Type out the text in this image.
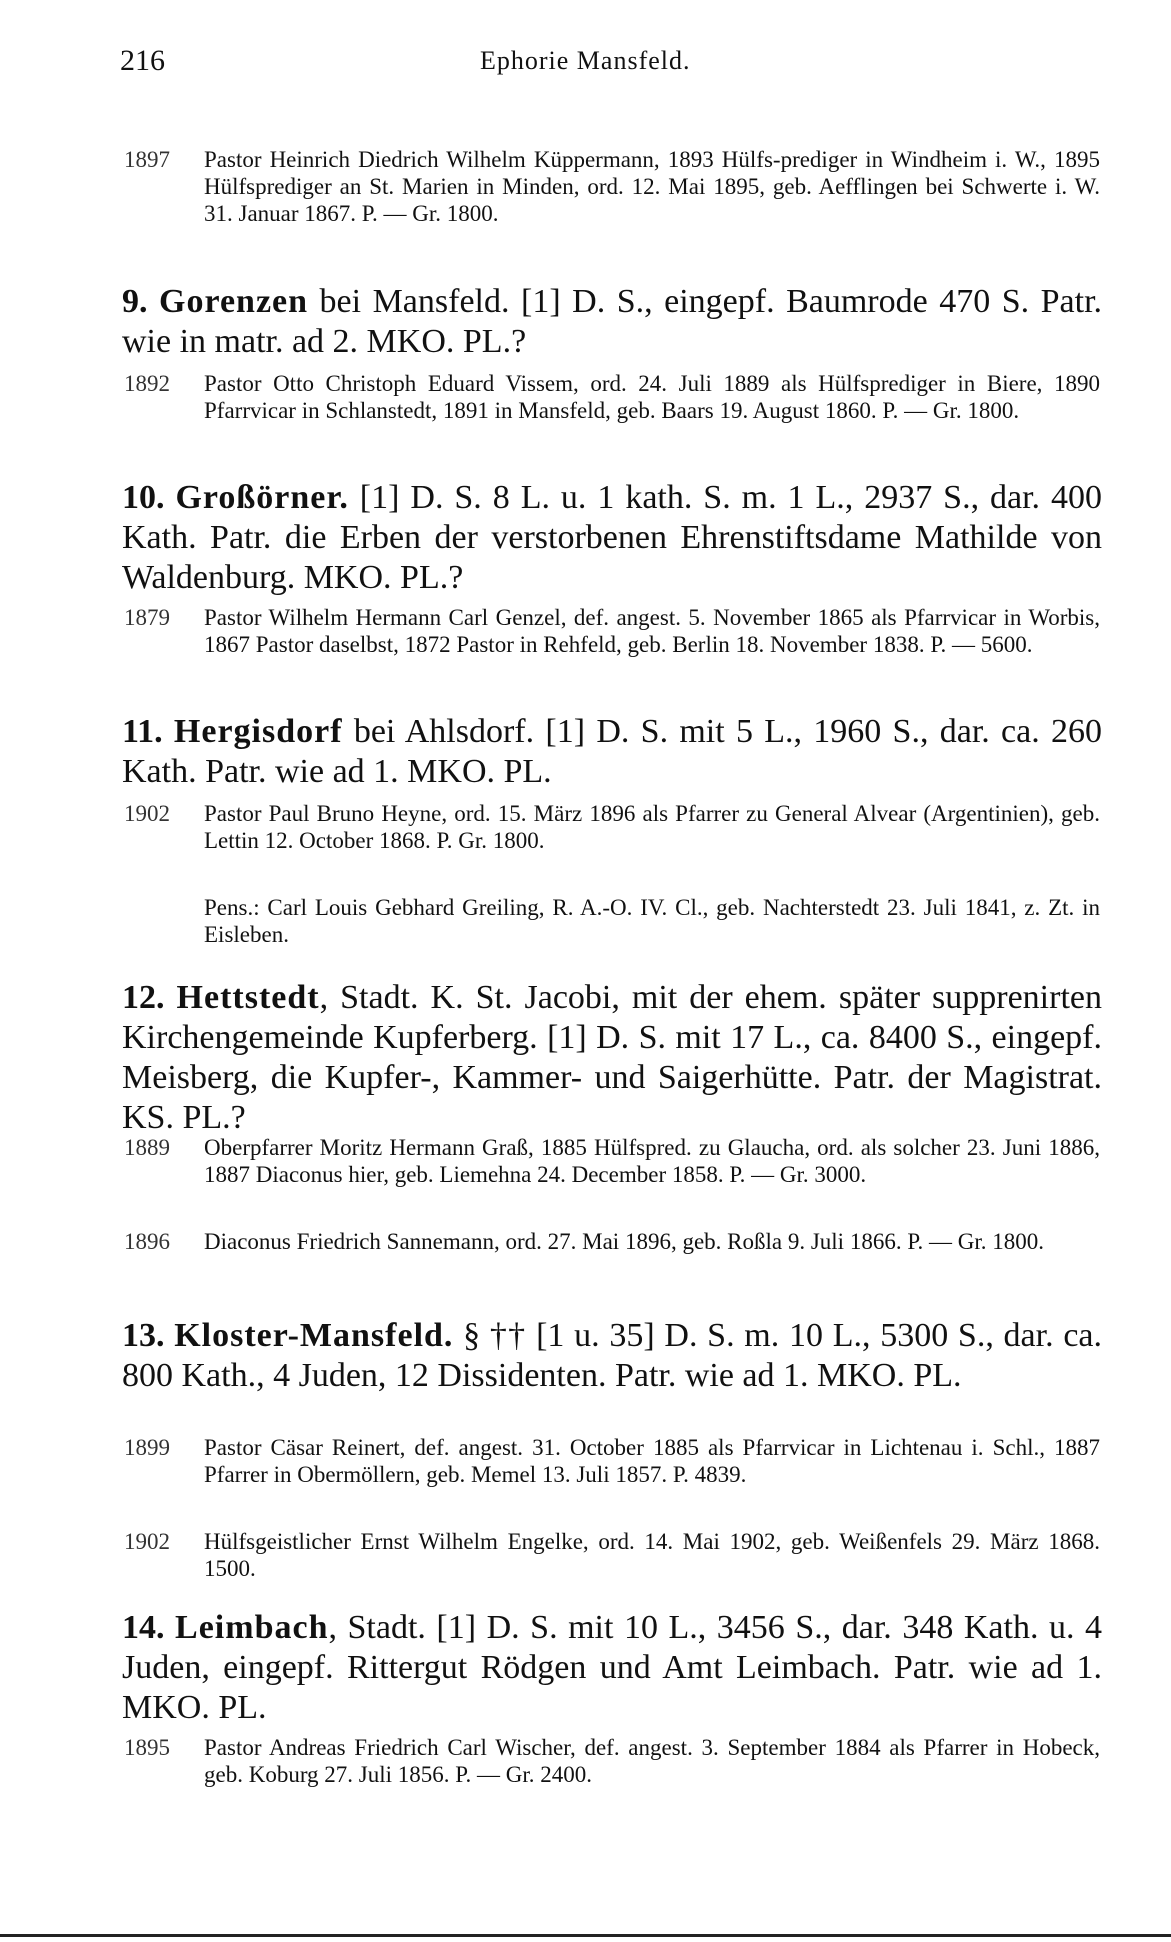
216	Ephorie Mansfeld.
1897	Pastor Heinrich Diedrich Wilhelm Küppermann, 1893 Hülfs-prediger in Windheim i. W., 1895 Hülfsprediger an St. Marien in Minden, ord. 12. Mai 1895, geb. Aefflingen bei Schwerte i. W. 31. Januar 1867. P. — Gr. 1800.
9. Gorenzen bei Mansfeld. [1] D. S., eingepf. Baumrode 470 S. Patr. wie in matr. ad 2. MKO. PL.?
1892	Pastor Otto Christoph Eduard Vissem, ord. 24. Juli 1889 als Hülfsprediger in Biere, 1890 Pfarrvicar in Schlanstedt, 1891 in Mansfeld, geb. Baars 19. August 1860. P. — Gr. 1800.
10. Großörner. [1] D. S. 8 L. u. 1 kath. S. m. 1 L., 2937 S., dar. 400 Kath. Patr. die Erben der verstorbenen Ehrenstiftsdame Mathilde von Waldenburg. MKO. PL.?
1879	Pastor Wilhelm Hermann Carl Genzel, def. angest. 5. November 1865 als Pfarrvicar in Worbis, 1867 Pastor daselbst, 1872 Pastor in Rehfeld, geb. Berlin 18. November 1838. P. — 5600.
11. Hergisdorf bei Ahlsdorf. [1] D. S. mit 5 L., 1960 S., dar. ca. 260 Kath. Patr. wie ad 1. MKO. PL.
1902	Pastor Paul Bruno Heyne, ord. 15. März 1896 als Pfarrer zu General Alvear (Argentinien), geb. Lettin 12. October 1868. P. Gr. 1800.
Pens.: Carl Louis Gebhard Greiling, R. A.-O. IV. Cl., geb. Nachterstedt 23. Juli 1841, z. Zt. in Eisleben.
12. Hettstedt, Stadt. K. St. Jacobi, mit der ehem. später supprenirten Kirchengemeinde Kupferberg. [1] D. S. mit 17 L., ca. 8400 S., eingepf. Meisberg, die Kupfer-, Kammer- und Saigerhütte. Patr. der Magistrat. KS. PL.?
1889	Oberpfarrer Moritz Hermann Graß, 1885 Hülfspred. zu Glaucha, ord. als solcher 23. Juni 1886, 1887 Diaconus hier, geb. Liemehna 24. December 1858. P. — Gr. 3000.
1896	Diaconus Friedrich Sannemann, ord. 27. Mai 1896, geb. Roßla 9. Juli 1866. P. — Gr. 1800.
13. Kloster-Mansfeld. § †† [1 u. 35] D. S. m. 10 L., 5300 S., dar. ca. 800 Kath., 4 Juden, 12 Dissidenten. Patr. wie ad 1. MKO. PL.
1899	Pastor Cäsar Reinert, def. angest. 31. October 1885 als Pfarrvicar in Lichtenau i. Schl., 1887 Pfarrer in Obermöllern, geb. Memel 13. Juli 1857. P. 4839.
1902	Hülfsgeistlicher Ernst Wilhelm Engelke, ord. 14. Mai 1902, geb. Weißenfels 29. März 1868. 1500.
14. Leimbach, Stadt. [1] D. S. mit 10 L., 3456 S., dar. 348 Kath. u. 4 Juden, eingepf. Rittergut Rödgen und Amt Leimbach. Patr. wie ad 1. MKO. PL.
1895	Pastor Andreas Friedrich Carl Wischer, def. angest. 3. September 1884 als Pfarrer in Hobeck, geb. Koburg 27. Juli 1856. P. — Gr. 2400.
